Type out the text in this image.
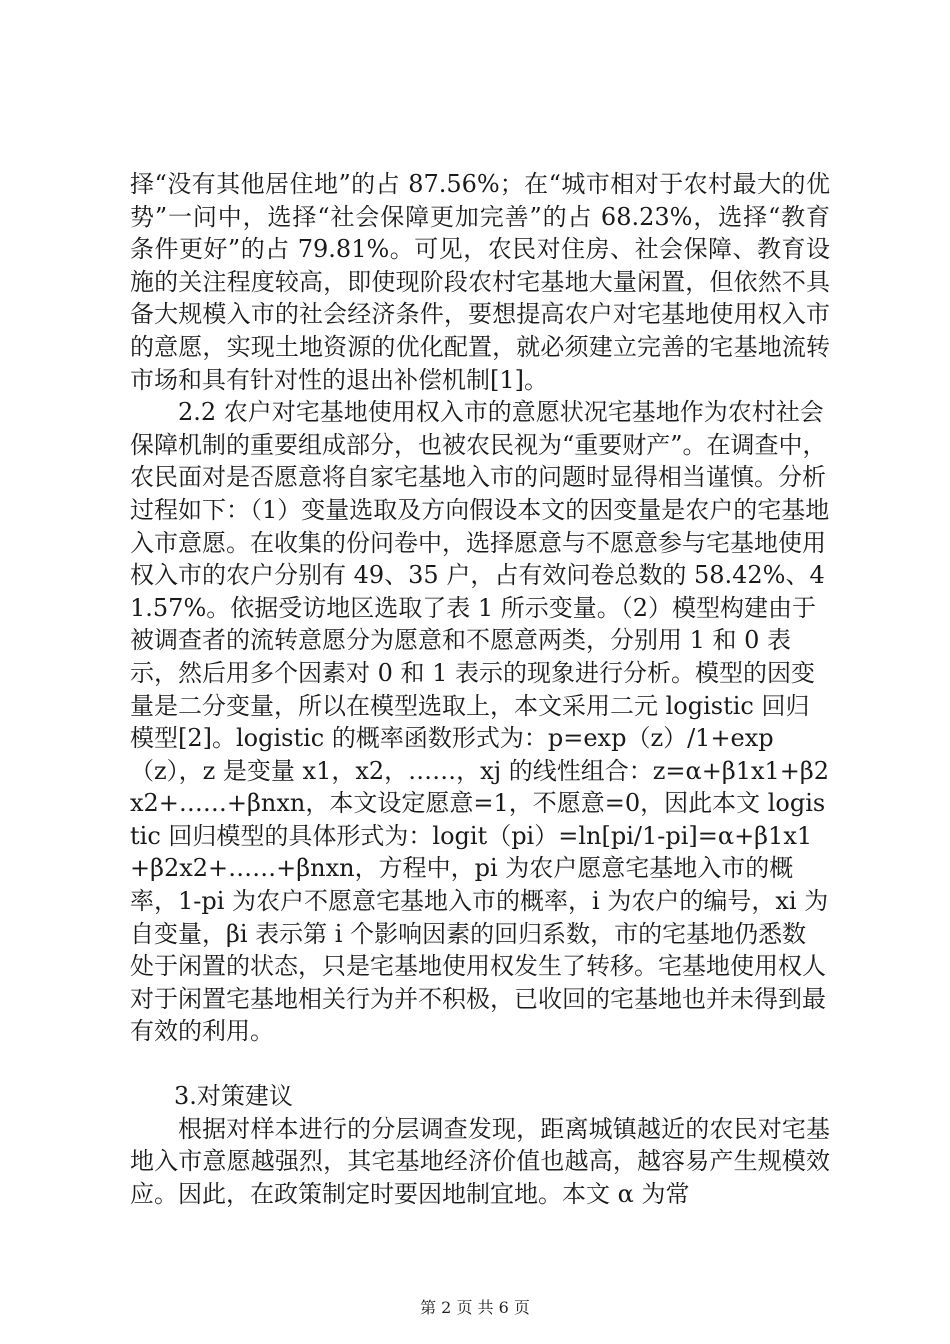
择“没有其他居住地”的占 87.56%；在“城市相对于农村最大的优势”一问中，选择“社会保障更加完善”的占 68.23%，选择“教育条件更好”的占 79.81%。可见，农民对住房、社会保障、教育设施的关注程度较高，即使现阶段农村宅基地大量闲置，但依然不具备大规模入市的社会经济条件，要想提高农户对宅基地使用权入市的意愿，实现土地资源的优化配置，就必须建立完善的宅基地流转市场和具有针对性的退出补偿机制[1]。

2.2 农户对宅基地使用权入市的意愿状况宅基地作为农村社会保障机制的重要组成部分，也被农民视为“重要财产”。在调查中，农民面对是否愿意将自家宅基地入市的问题时显得相当谨慎。分析过程如下：（1）变量选取及方向假设本文的因变量是农户的宅基地入市意愿。在收集的份问卷中，选择愿意与不愿意参与宅基地使用权入市的农户分别有 49、35 户，占有效问卷总数的 58.42%、41.57%。依据受访地区选取了表 1 所示变量。（2）模型构建由于被调查者的流转意愿分为愿意和不愿意两类，分别用 1 和 0 表示，然后用多个因素对 0 和 1 表示的现象进行分析。模型的因变量是二分变量，所以在模型选取上，本文采用二元 logistic 回归模型[2]。logistic 的概率函数形式为：p=exp（z）/1+exp（z），z 是变量 x1，x2，……，xj 的线性组合：z=α+β1x1+β2x2+……+βnxn，本文设定愿意=1，不愿意=0，因此本文 logistic 回归模型的具体形式为：logit（pi）=ln[pi/1-pi]=α+β1x1+β2x2+……+βnxn，方程中，pi 为农户愿意宅基地入市的概率，1-pi 为农户不愿意宅基地入市的概率，i 为农户的编号，xi 为自变量，βi 表示第 i 个影响因素的回归系数，市的宅基地仍悉数处于闲置的状态，只是宅基地使用权发生了转移。宅基地使用权人对于闲置宅基地相关行为并不积极，已收回的宅基地也并未得到最有效的利用。

3.对策建议

根据对样本进行的分层调查发现，距离城镇越近的农民对宅基地入市意愿越强烈，其宅基地经济价值也越高，越容易产生规模效应。因此，在政策制定时要因地制宜地。本文 α 为常

第 2 页 共 6 页
